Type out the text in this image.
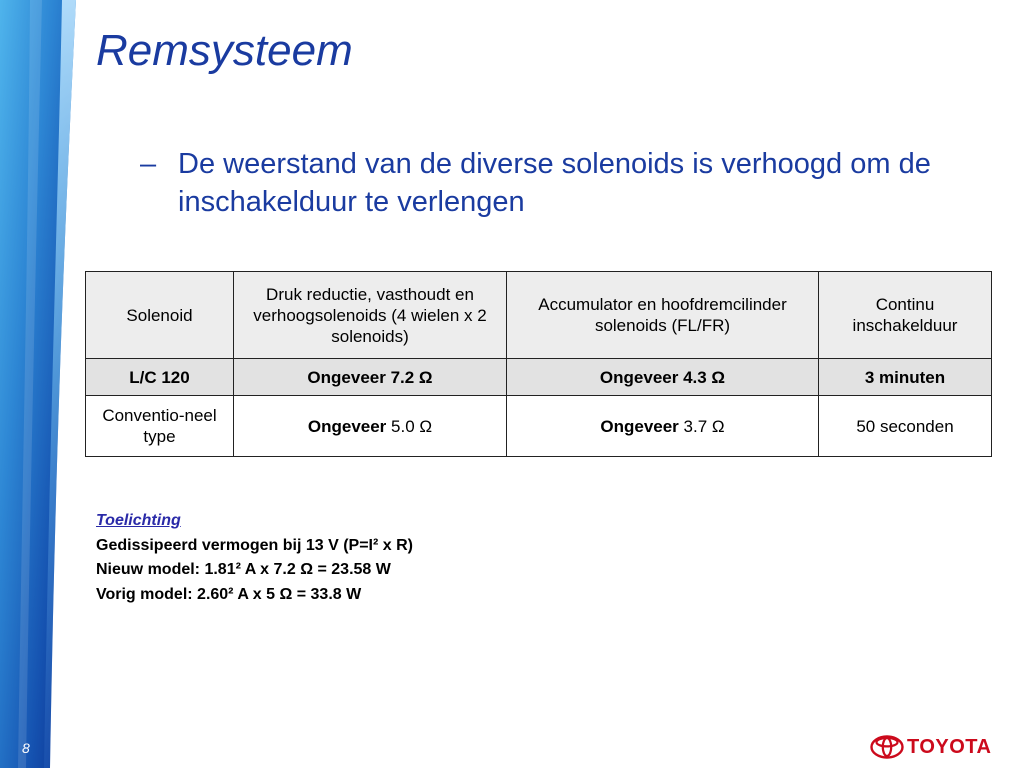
Remsysteem
– De weerstand van de diverse solenoids is verhoogd om de inschakelduur te verlengen
Solenoid	Druk reductie, vasthoudt en verhoogsolenoids (4 wielen x 2 solenoids)	Accumulator en hoofdremcilinder solenoids (FL/FR)	Continu inschakelduur
L/C 120	Ongeveer 7.2 Ω	Ongeveer 4.3 Ω	3 minuten
Conventio-neel type	Ongeveer 5.0 Ω	Ongeveer 3.7 Ω	50 seconden
Toelichting
Gedissipeerd vermogen bij 13 V (P=I² x R)
Nieuw model: 1.81² A x 7.2 Ω = 23.58 W
Vorig model: 2.60² A x 5 Ω = 33.8 W
8	TOYOTA
